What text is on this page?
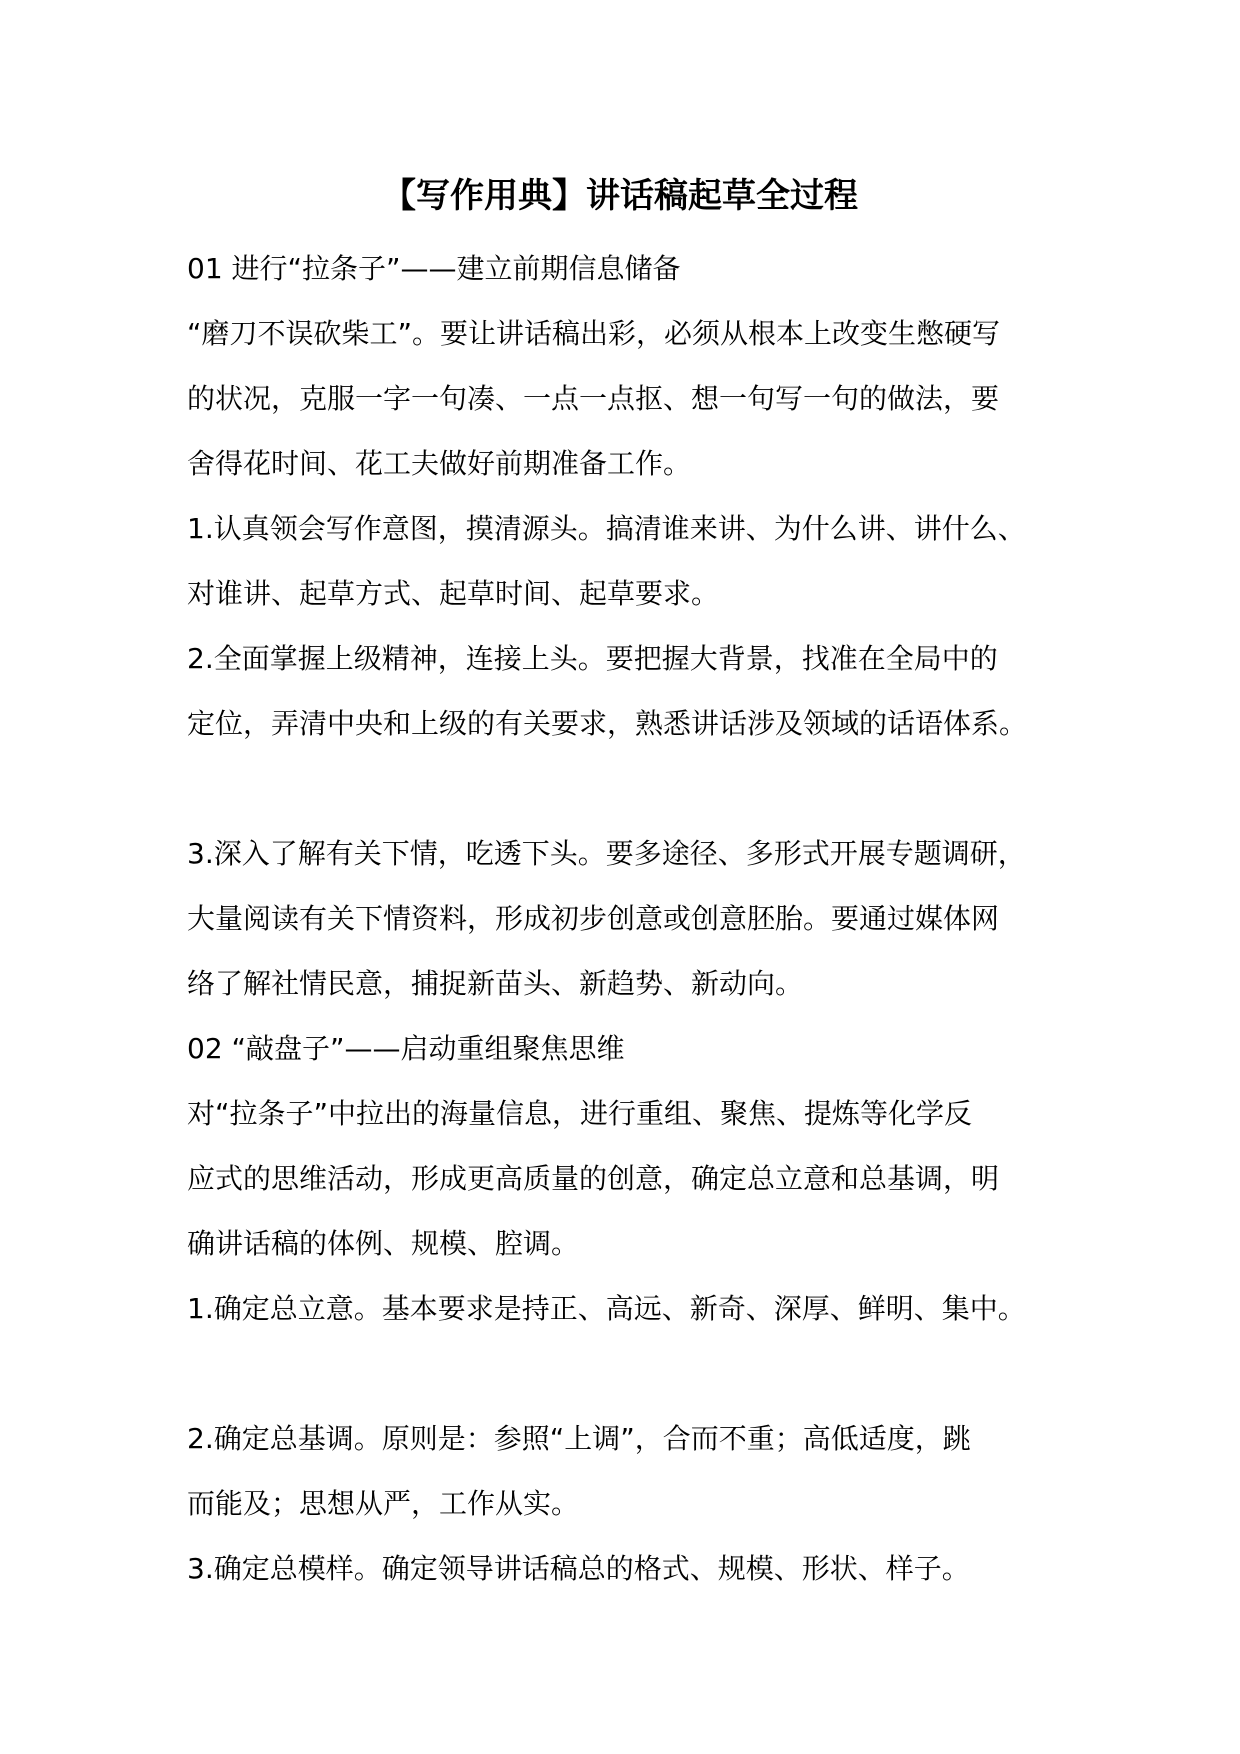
【写作用典】讲话稿起草全过程
01 进行“拉条子”——建立前期信息储备
“磨刀不误砍柴工”。要让讲话稿出彩，必须从根本上改变生憋硬写
的状况，克服一字一句凑、一点一点抠、想一句写一句的做法，要
舍得花时间、花工夫做好前期准备工作。
1.认真领会写作意图，摸清源头。搞清谁来讲、为什么讲、讲什么、
对谁讲、起草方式、起草时间、起草要求。
2.全面掌握上级精神，连接上头。要把握大背景，找准在全局中的
定位，弄清中央和上级的有关要求，熟悉讲话涉及领域的话语体系。
3.深入了解有关下情，吃透下头。要多途径、多形式开展专题调研，
大量阅读有关下情资料，形成初步创意或创意胚胎。要通过媒体网
络了解社情民意，捕捉新苗头、新趋势、新动向。
02 “敲盘子”——启动重组聚焦思维
对“拉条子”中拉出的海量信息，进行重组、聚焦、提炼等化学反
应式的思维活动，形成更高质量的创意，确定总立意和总基调，明
确讲话稿的体例、规模、腔调。
1.确定总立意。基本要求是持正、高远、新奇、深厚、鲜明、集中。
2.确定总基调。原则是：参照“上调”，合而不重；高低适度，跳
而能及；思想从严，工作从实。
3.确定总模样。确定领导讲话稿总的格式、规模、形状、样子。
